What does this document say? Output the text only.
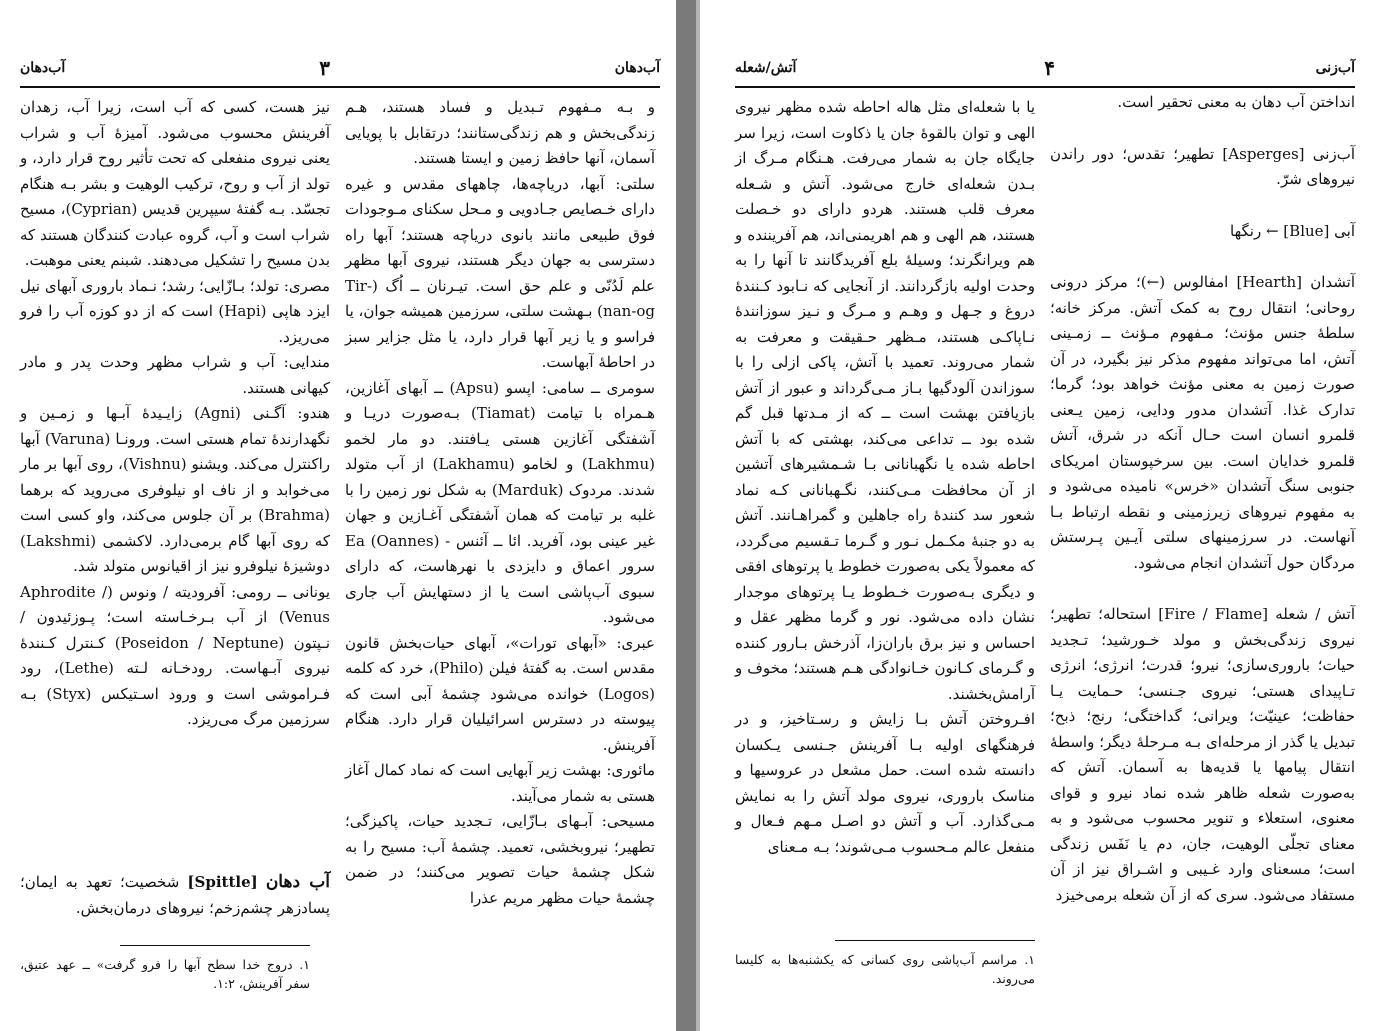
آب‌دهان
۳
آب‌دهان

و بـه مـفهوم تـبدیل و فساد هستند، هـم زندگی‌بخش و هم زندگی‌ستانند؛ درتقابل با پویایی آسمان، آنها حافظ زمین و ایستا هستند.

سلتی: آبها، دریاچه‌ها، چاههای مقدس و غیره دارای خـصایص جـادویی و مـحل سکنای مـوجودات فوق طبیعی مانند بانوی دریاچه هستند؛ آبها راه دسترسی به جهان دیگر هستند، نیروی آبها مظهر علم لَدُنّی و علم حق است. تیـرنان ــ اُگ (Tir-nan-og) بـهشت سلتی، سرزمین همیشه جوان، یا فراسو و یا زیر آبها قرار دارد، یا مثل جزایر سبز در احاطهٔ آبهاست.

سومری ــ سامی: اپسو (Apsu) ــ آبهای آغازین، هـمراه با تیامت (Tiamat) بـه‌صورت دریـا و آشفتگی آغازین هستی یـافتند. دو مار لخمو (Lakhmu) و لخامو (Lakhamu) از آب متولد شدند. مردوک (Marduk) به شکل نور زمین را با غلبه بر تیامت که همان آشفتگی آغـازین و جهان غیر عینی بود، آفرید. ائا ــ آئنس - Ea (Oannes) سرور اعماق و دایزدی با نهرهاست، که دارای سبوی آب‌پاشی است یا از دستهایش آب جاری می‌شود.

عبری: «آبهای تورات»، آبهای حیات‌بخش قانون مقدس است. به گفتهٔ فیلن (Philo)، خرد که کلمه (Logos) خوانده می‌شود چشمهٔ آبی است که پیوسته در دسترس اسرائیلیان قرار دارد. هنگام آفرینش.

مائوری: بهشت زیر آبهایی است که نماد کمال آغاز هستی به شمار می‌آیند.

مسیحی: آبـهای بـازّایی، تـجدید حیات، پاکیزگی؛ تطهیر؛ نیروبخشی، تعمید. چشمهٔ آب: مسیح را به شکل چشمهٔ حیات تصویر می‌کنند؛ در ضمن چشمهٔ حیات مظهر مریم عذرا

نیز هست، کسی که آب است، زیرا آب، زهدان آفرینش محسوب می‌شود. آمیزهٔ آب و شراب یعنی نیروی منفعلی که تحت تأثیر روح قرار دارد، و تولد از آب و روح، ترکیب الوهیت و بشر بـه هنگام تجسّد. بـه گفتهٔ سیپرین قدیس (Cyprian)، مسیح شراب است و آب، گروه عبادت کنندگان هستند که بدن مسیح را تشکیل می‌دهند. شبنم یعنی موهبت.

مصری: تولد؛ بـازّایی؛ رشد؛ نـماد باروری آبهای نیل ایزد هاپی (Hapi) است که از دو کوزه آب را فرو می‌ریزد.

مندایی: آب و شراب مظهر وحدت پدر و مادر کیهانی هستند.

هندو: آگـنی (Agni) زایـیدهٔ آبـها و زمـین و نگهدارندهٔ تمام هستی است. ورونـا (Varuna) آبها راکنترل می‌کند. ویشنو (Vishnu)، روی آبها بر مار می‌خوابد و از ناف او نیلوفری می‌روید که برهما (Brahma) بر آن جلوس می‌کند، واو کسی است که روی آبها گام برمی‌دارد. لاکشمی (Lakshmi) دوشیزهٔ نیلوفرو نیز از اقیانوس متولد شد.

یونانی ــ رومی: آفرودیته / ونوس (/ Aphrodite Venus) از آب بـرخـاسته است؛ پـوزئیدون / نـپتون (Poseidon / Neptune) کـنترل کـنندهٔ نیروی آبـهاست. رودخـانه لـته (Lethe)، رود فـراموشی است و ورود اسـتیکس (Styx) بـه سرزمین مرگ می‌ریزد.

آب دهان [Spittle] شخصیت؛ تعهد به ایمان؛ پسادزهر چشم‌زخم؛ نیروهای درمان‌بخش.

۱. دروج خدا سطح آبها را فرو گرفت» ــ عهد عتیق، سفر آفرینش، ۱:۲.
آب‌زنی
۴
آتش/شعله

انداختن آب دهان به معنی تحقیر است.

آب‌زنی [Asperges] تطهیر؛ تقدس؛ دور راندن نیروهای شرّ.

آبی [Blue] ← رنگها

آتشدان [Hearth] امفالوس (←)؛ مرکز درونی روحانی؛ انتقال روح به کمک آتش. مرکز خانه؛ سلطهٔ جنس مؤنث؛ مـفهوم مـؤنث ــ زمـینی آتش، اما می‌تواند مفهوم مذکر نیز بگیرد، در آن صورت زمین به معنی مؤنث خواهد بود؛ گرما؛ تدارک غذا. آتشدان مدور ودایی، زمین یـعنی قلمرو انسان است حـال آنکه در شرق، آتش قلمرو خدایان است. بین سرخپوستان امریکای جنوبی سنگ آتشدان «خرس» نامیده می‌شود و به مفهوم نیروهای زیرزمینی و نقطه ارتباط بـا آنهاست. در سرزمینهای سلتی آیـین پـرستش مردگان حول آتشدان انجام می‌شود.

آتش / شعله [Fire / Flame] استحاله؛ تطهیر؛ نیروی زندگی‌بخش و مولد خـورشید؛ تـجدید حیات؛ باروری‌سازی؛ نیرو؛ قدرت؛ انرژی؛ انرژی تـاپیدای هستی؛ نیروی جـنسی؛ حـمایت یـا حفاظت؛ عینیّت؛ ویرانی؛ گداختگی؛ رنج؛ ذبح؛ تبدیل یا گذر از مرحله‌ای بـه مـرحلهٔ دیگر؛ واسطهٔ انتقال پیامها یا قدیه‌ها به آسمان. آتش که به‌صورت شعله ظاهر شده نماد نیرو و قوای معنوی، استعلاء و تنویر محسوب می‌شود و به معنای تجلّی الوهیت، جان، دم یا نَفَس زندگی است؛ مسعنای وارد غـیبی و اشـراق نیز از آن مستفاد می‌شود. سری که از آن شعله برمی‌خیزد

یا با شعله‌ای مثل هاله احاطه شده مظهر نیروی الهی و توان بالقوهٔ جان یا ذکاوت است، زیرا سر جایگاه جان به شمار می‌رفت. هـنگام مـرگ از بـدن شعله‌ای خارج می‌شود. آتش و شـعله معرف قلب هستند. هردو دارای دو خـصلت هستند، هم الهی و هم اهریمنی‌اند، هم آفریننده و هم ویرانگرند؛ وسیلهٔ بلع آفریدگانند تا آنها را به وحدت اولیه بازگردانند. از آنجایی که نـابود کـنندهٔ دروغ و جـهل و وهـم و مـرگ و نـیز سوزانندهٔ نـاپاکـی هستند، مـظهر حـقیقت و معرفت به شمار می‌روند. تعمید با آتش، پاکی ازلی را با سوزاندن آلودگیها بـاز مـی‌گرداند و عبور از آتش بازیافتن بهشت است ــ که از مـدتها قبل گم شده بود ــ تداعی می‌کند، بهشتی که با آتش احاطه شده یا نگهبانانی بـا شـمشیرهای آتشین از آن محافظت مـی‌کنند، نگـهبانانی کـه نماد شعور سد کنندهٔ راه جاهلین و گمراهـانند. آتش به دو جنبهٔ مکـمل نـور و گـرما تـقسیم می‌گردد، که معمولاً یکی به‌صورت خطوط یا پرتوهای افقی و دیگری بـه‌صورت خـطوط یـا پرتوهای موجدار نشان داده می‌شود. نور و گرما مظهر عقل و احساس و نیز برق باران‌زا، آذرخش بـارور کننده و گـرمای کـانون خـانوادگی هـم هستند؛ مخوف و آرامش‌بخشند.

افـروختن آتش بـا زایش و رسـتاخیز، و در فرهنگهای اولیه بـا آفرینش جـنسی یـکسان دانسته شده است. حمل مشعل در عروسیها و مناسک باروری، نیروی مولد آتش را به نمایش مـی‌گذارد. آب و آتش دو اصـل مـهم فـعال و منفعل عالم مـحسوب مـی‌شوند؛ بـه مـعنای

۱. مراسم آب‌پاشی روی کسانی که یکشنبه‌ها به کلیسا می‌روند.
